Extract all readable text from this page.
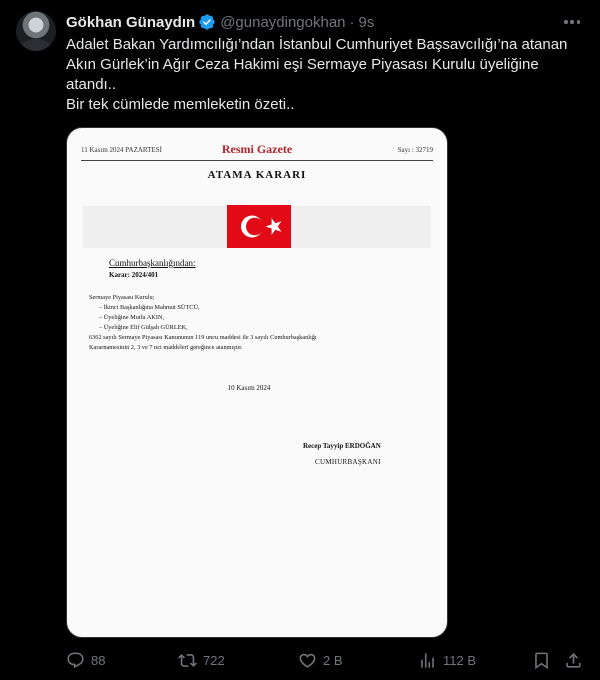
Gökhan Günaydın @gunaydingokhan · 9s

Adalet Bakan Yardımcılığı’ndan İstanbul Cumhuriyet Başsavcılığı’na atanan

Akın Gürlek’in Ağır Ceza Hakimi eşi Sermaye Piyasası Kurulu üyeliğine

atandı..

Bir tek cümlede memleketin özeti..

11 Kasım 2024 PAZARTESİ	Resmi Gazete	Sayı : 32719
ATAMA KARARI
Cumhurbaşkanlığından:
Karar: 2024/401
Sermaye Piyasası Kurulu;
– İkinci Başkanlığına Mahmut SÜTCÜ,
– Üyeliğine Mutlu AKIN,
– Üyeliğine Elif Gülşah GÜRLEK,
6362 sayılı Sermaye Piyasası Kanununun 119 uncu maddesi ile 3 sayılı Cumhurbaşkanlığı
Kararnamesinin 2, 3 ve 7 nci maddeleri gereğince atanmıştır.
10 Kasım 2024
Recep Tayyip ERDOĞAN
CUMHURBAŞKANI
88	722	2 B	112 B
